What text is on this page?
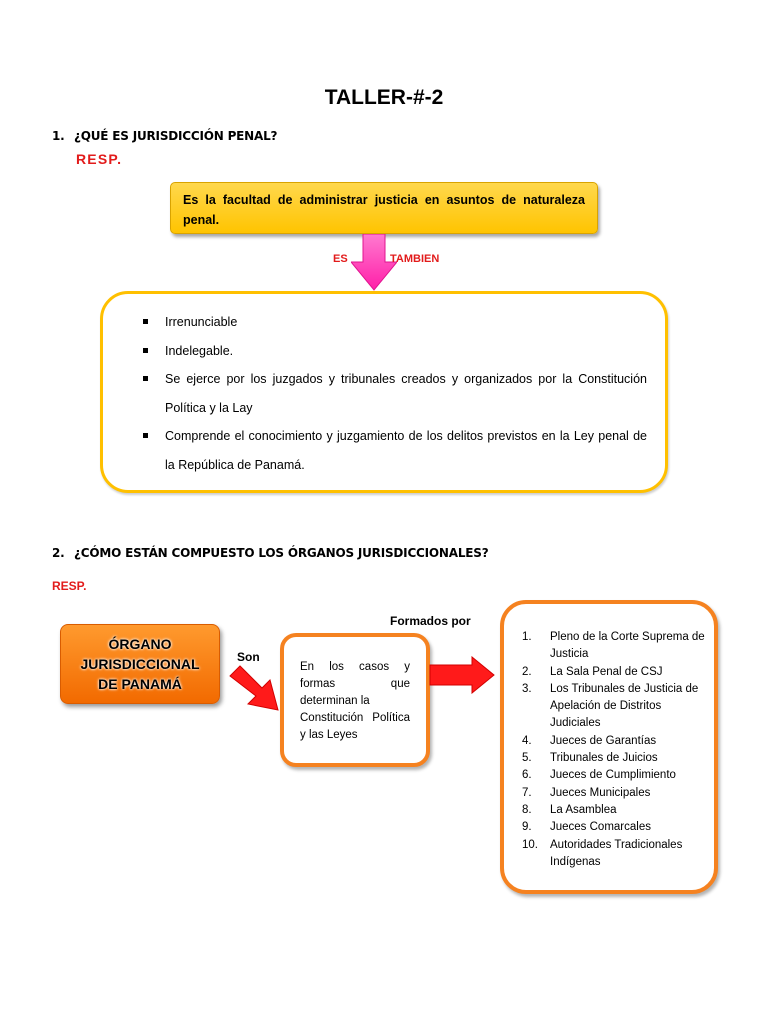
TALLER-#-2
1. ¿QUÉ ES JURISDICCIÓN PENAL?
RESP.
Es la facultad de administrar justicia en asuntos de naturaleza penal.
ES	TAMBIEN
Irrenunciable
Indelegable.
Se ejerce por los juzgados y tribunales creados y organizados por la Constitución Política y la Lay
Comprende el conocimiento y juzgamiento de los delitos previstos en la Ley penal de la República de Panamá.
2. ¿CÓMO ESTÁN COMPUESTO LOS ÓRGANOS JURISDICCIONALES?
RESP.
ÓRGANO
JURISDICCIONAL
DE PANAMÁ
Son
En los casos y formas que determinan la
Constitución Política y las Leyes
Formados por
1. Pleno de la Corte Suprema de Justicia
2. La Sala Penal de CSJ
3. Los Tribunales de Justicia de Apelación de Distritos Judiciales
4. Jueces de Garantías
5. Tribunales de Juicios
6. Jueces de Cumplimiento
7. Jueces Municipales
8. La Asamblea
9. Jueces Comarcales
10. Autoridades Tradicionales Indígenas
